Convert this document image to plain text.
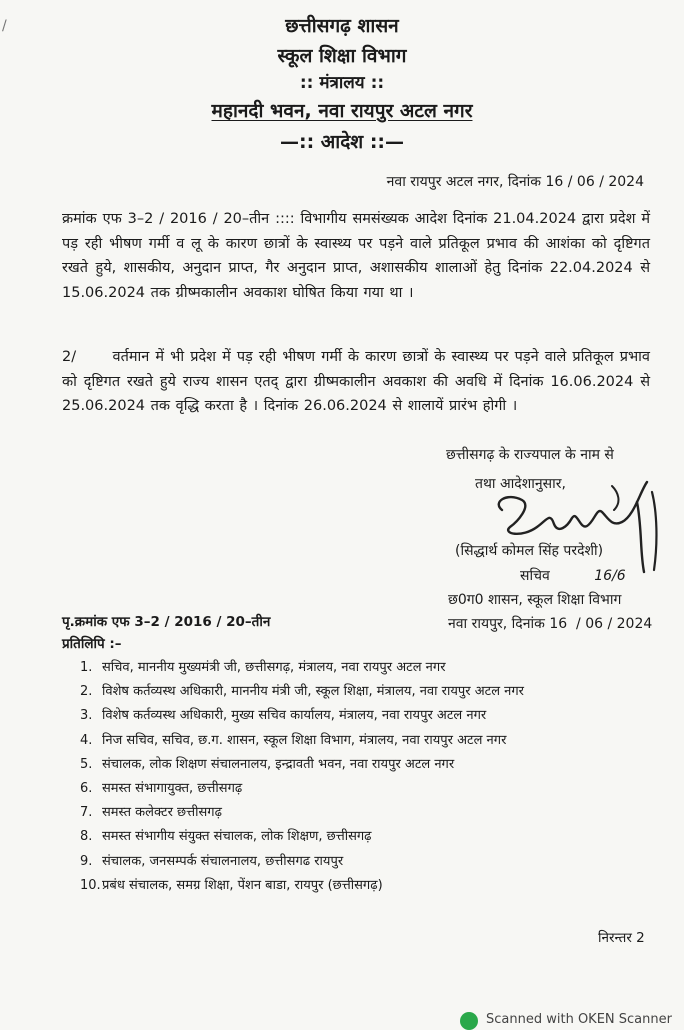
/	छत्तीसगढ़ शासन
स्कूल शिक्षा विभाग
:: मंत्रालय ::
महानदी भवन, नवा रायपुर अटल नगर
—:: आदेश ::—
नवा रायपुर अटल नगर, दिनांक 16 / 06 / 2024
क्रमांक एफ 3–2 / 2016 / 20–तीन :::: विभागीय समसंख्यक आदेश दिनांक 21.04.2024 द्वारा प्रदेश में पड़ रही भीषण गर्मी व लू के कारण छात्रों के स्वास्थ्य पर पड़ने वाले प्रतिकूल प्रभाव की आशंका को दृष्टिगत रखते हुये, शासकीय, अनुदान प्राप्त, गैर अनुदान प्राप्त, अशासकीय शालाओं हेतु दिनांक 22.04.2024 से 15.06.2024 तक ग्रीष्मकालीन अवकाश घोषित किया गया था ।
2/      वर्तमान में भी प्रदेश में पड़ रही भीषण गर्मी के कारण छात्रों के स्वास्थ्य पर पड़ने वाले प्रतिकूल प्रभाव को दृष्टिगत रखते हुये राज्य शासन एतद् द्वारा ग्रीष्मकालीन अवकाश की अवधि में दिनांक 16.06.2024 से 25.06.2024 तक वृद्धि करता है । दिनांक 26.06.2024 से शालायें प्रारंभ होगी ।
छत्तीसगढ़ के राज्यपाल के नाम से
तथा आदेशानुसार,
(सिद्धार्थ कोमल सिंह परदेशी)
सचिव	16/6
छ0ग0 शासन, स्कूल शिक्षा विभाग
नवा रायपुर, दिनांक 16  / 06 / 2024
पृ.क्रमांक एफ 3–2 / 2016 / 20–तीन
प्रतिलिपि :–
1. सचिव, माननीय मुख्यमंत्री जी, छत्तीसगढ़, मंत्रालय, नवा रायपुर अटल नगर
2. विशेष कर्तव्यस्थ अधिकारी, माननीय मंत्री जी, स्कूल शिक्षा, मंत्रालय, नवा रायपुर अटल नगर
3. विशेष कर्तव्यस्थ अधिकारी, मुख्य सचिव कार्यालय, मंत्रालय, नवा रायपुर अटल नगर
4. निज सचिव, सचिव, छ.ग. शासन, स्कूल शिक्षा विभाग, मंत्रालय, नवा रायपुर अटल नगर
5. संचालक, लोक शिक्षण संचालनालय, इन्द्रावती भवन, नवा रायपुर अटल नगर
6. समस्त संभागायुक्त, छत्तीसगढ़
7. समस्त कलेक्टर छत्तीसगढ़
8. समस्त संभागीय संयुक्त संचालक, लोक शिक्षण, छत्तीसगढ़
9. संचालक, जनसम्पर्क संचालनालय, छत्तीसगढ रायपुर
10.प्रबंध संचालक, समग्र शिक्षा, पेंशन बाडा, रायपुर (छत्तीसगढ़)
निरन्तर 2
Scanned with OKEN Scanner
